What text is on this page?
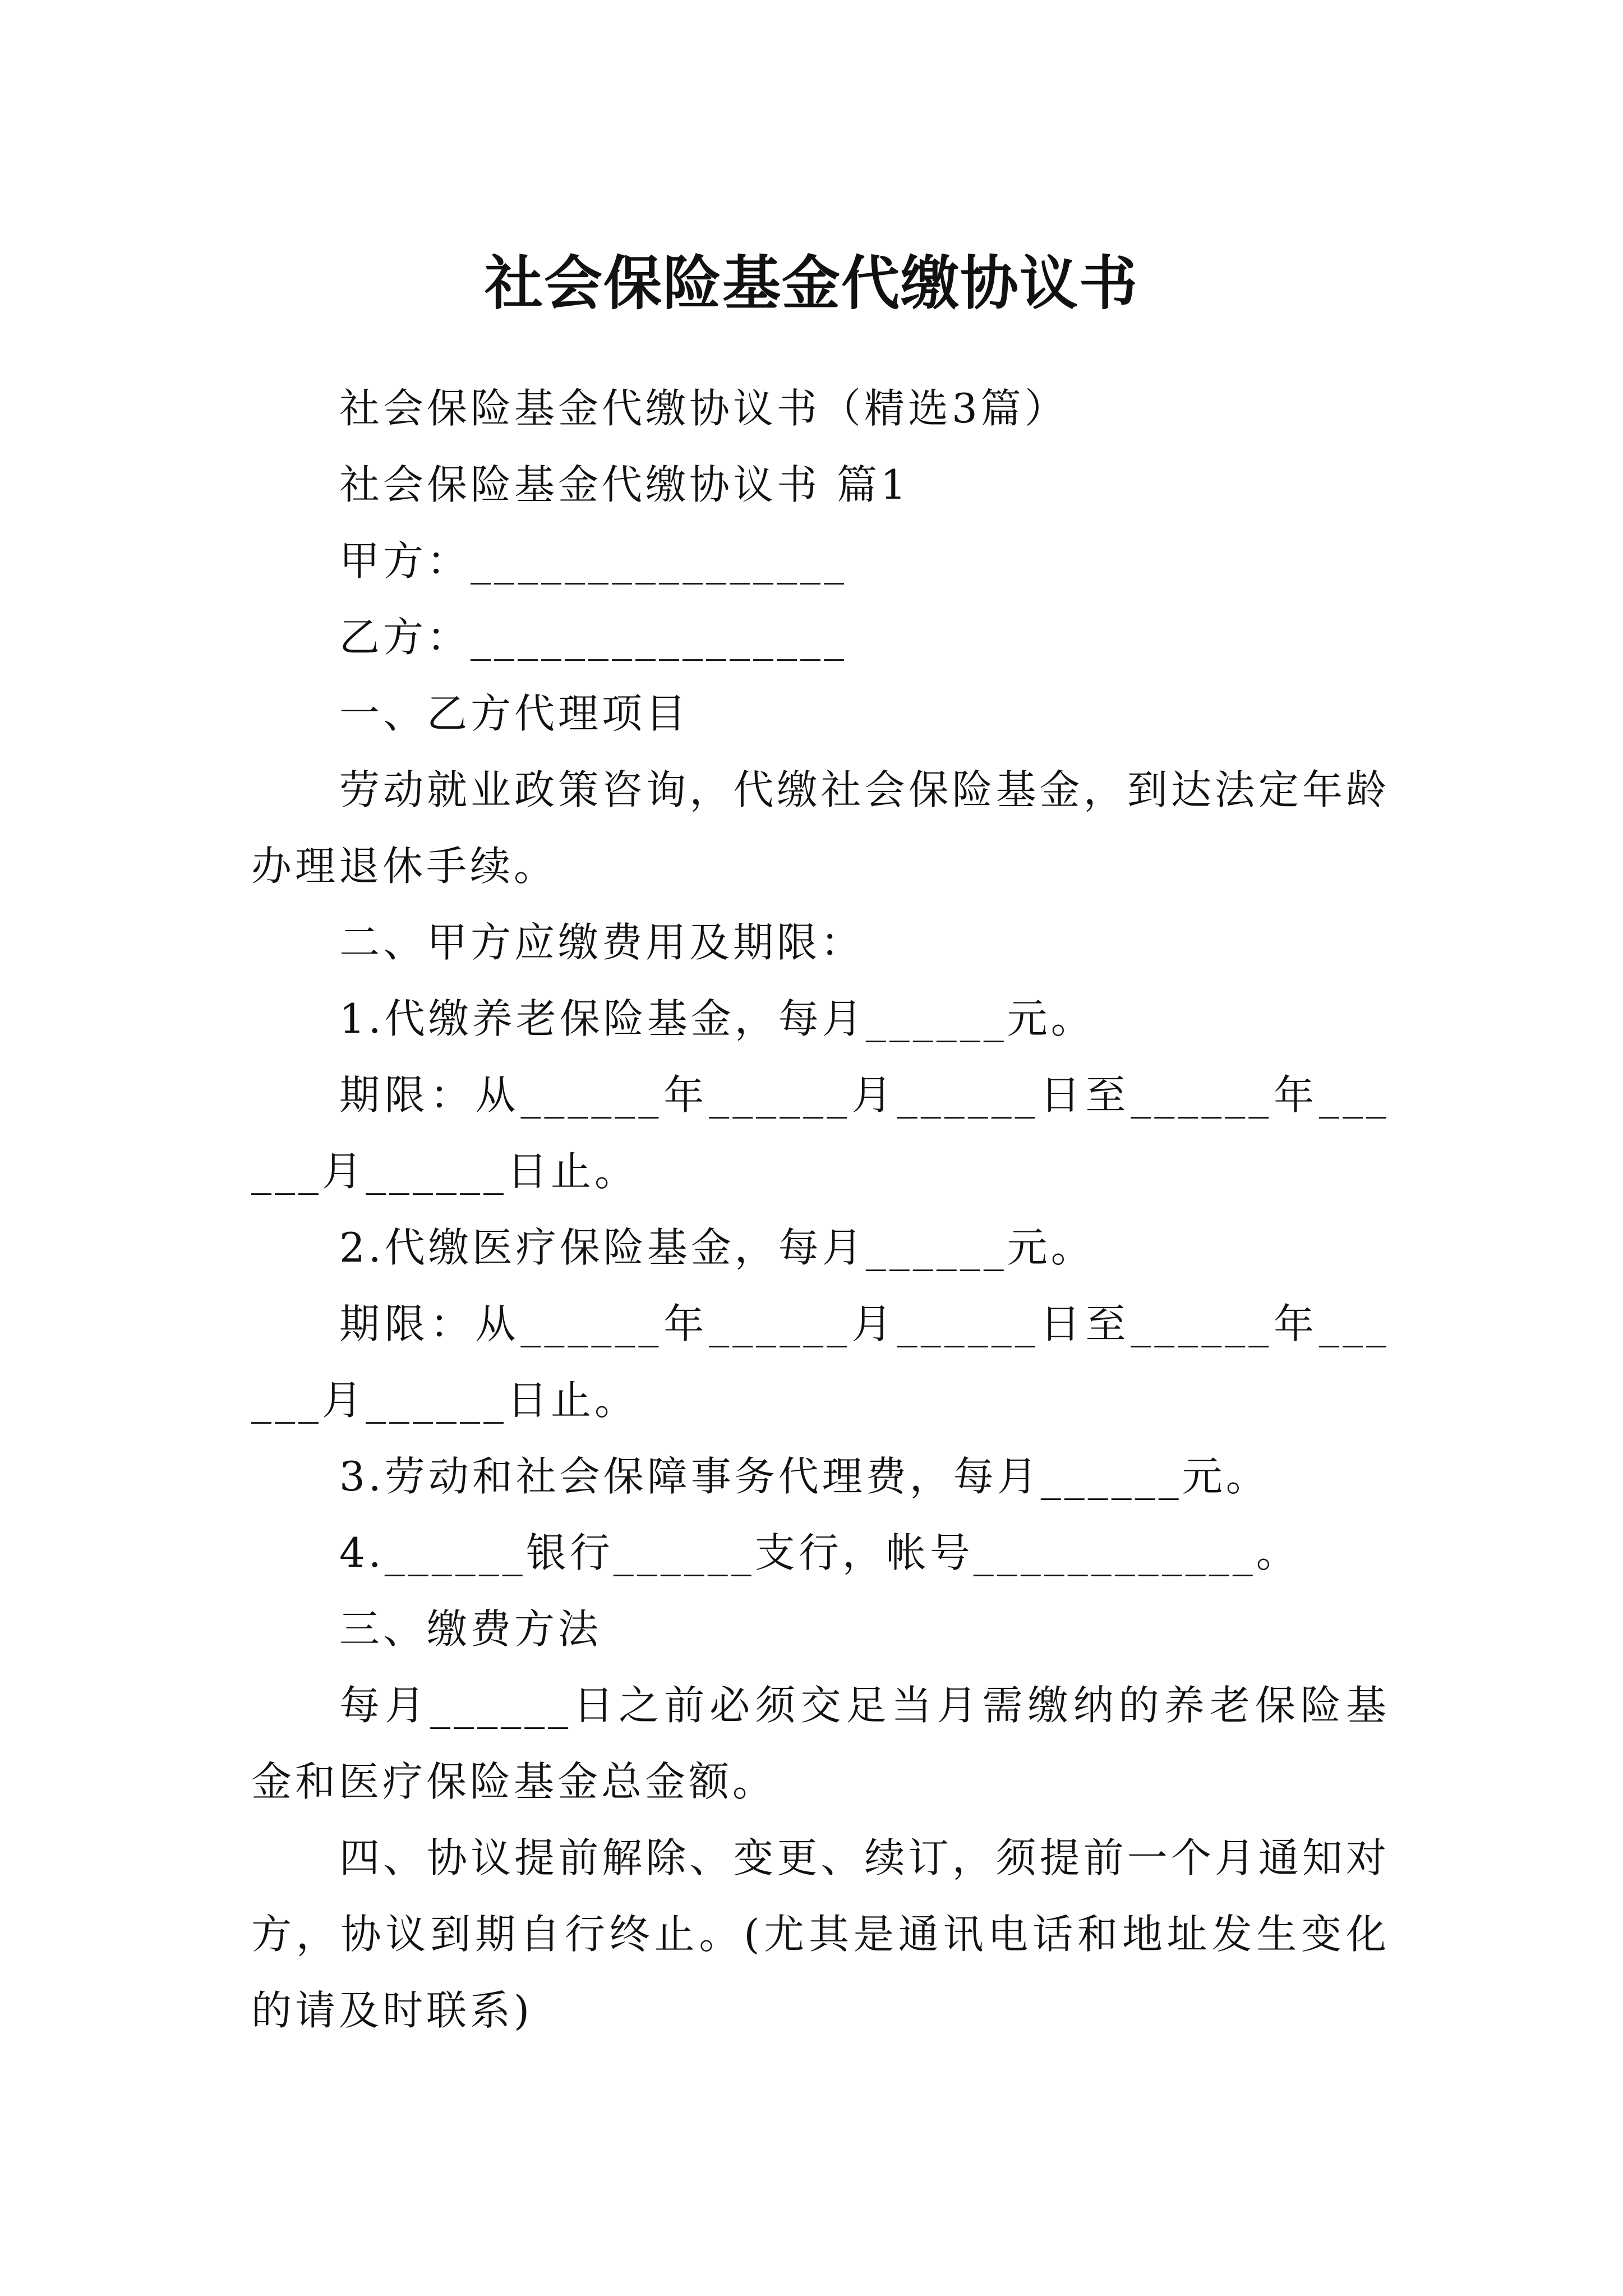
社会保险基金代缴协议书

社会保险基金代缴协议书（精选3篇）

社会保险基金代缴协议书 篇1

甲方：________________

乙方：________________

一、乙方代理项目

劳动就业政策咨询，代缴社会保险基金，到达法定年龄办理退休手续。

二、甲方应缴费用及期限：

1.代缴养老保险基金，每月______元。

期限：从______年______月______日至______年______月______日止。

2.代缴医疗保险基金，每月______元。

期限：从______年______月______日至______年______月______日止。

3.劳动和社会保障事务代理费，每月______元。

4.______银行______支行，帐号____________。

三、缴费方法

每月______日之前必须交足当月需缴纳的养老保险基金和医疗保险基金总金额。

四、协议提前解除、变更、续订，须提前一个月通知对方，协议到期自行终止。(尤其是通讯电话和地址发生变化的请及时联系)
